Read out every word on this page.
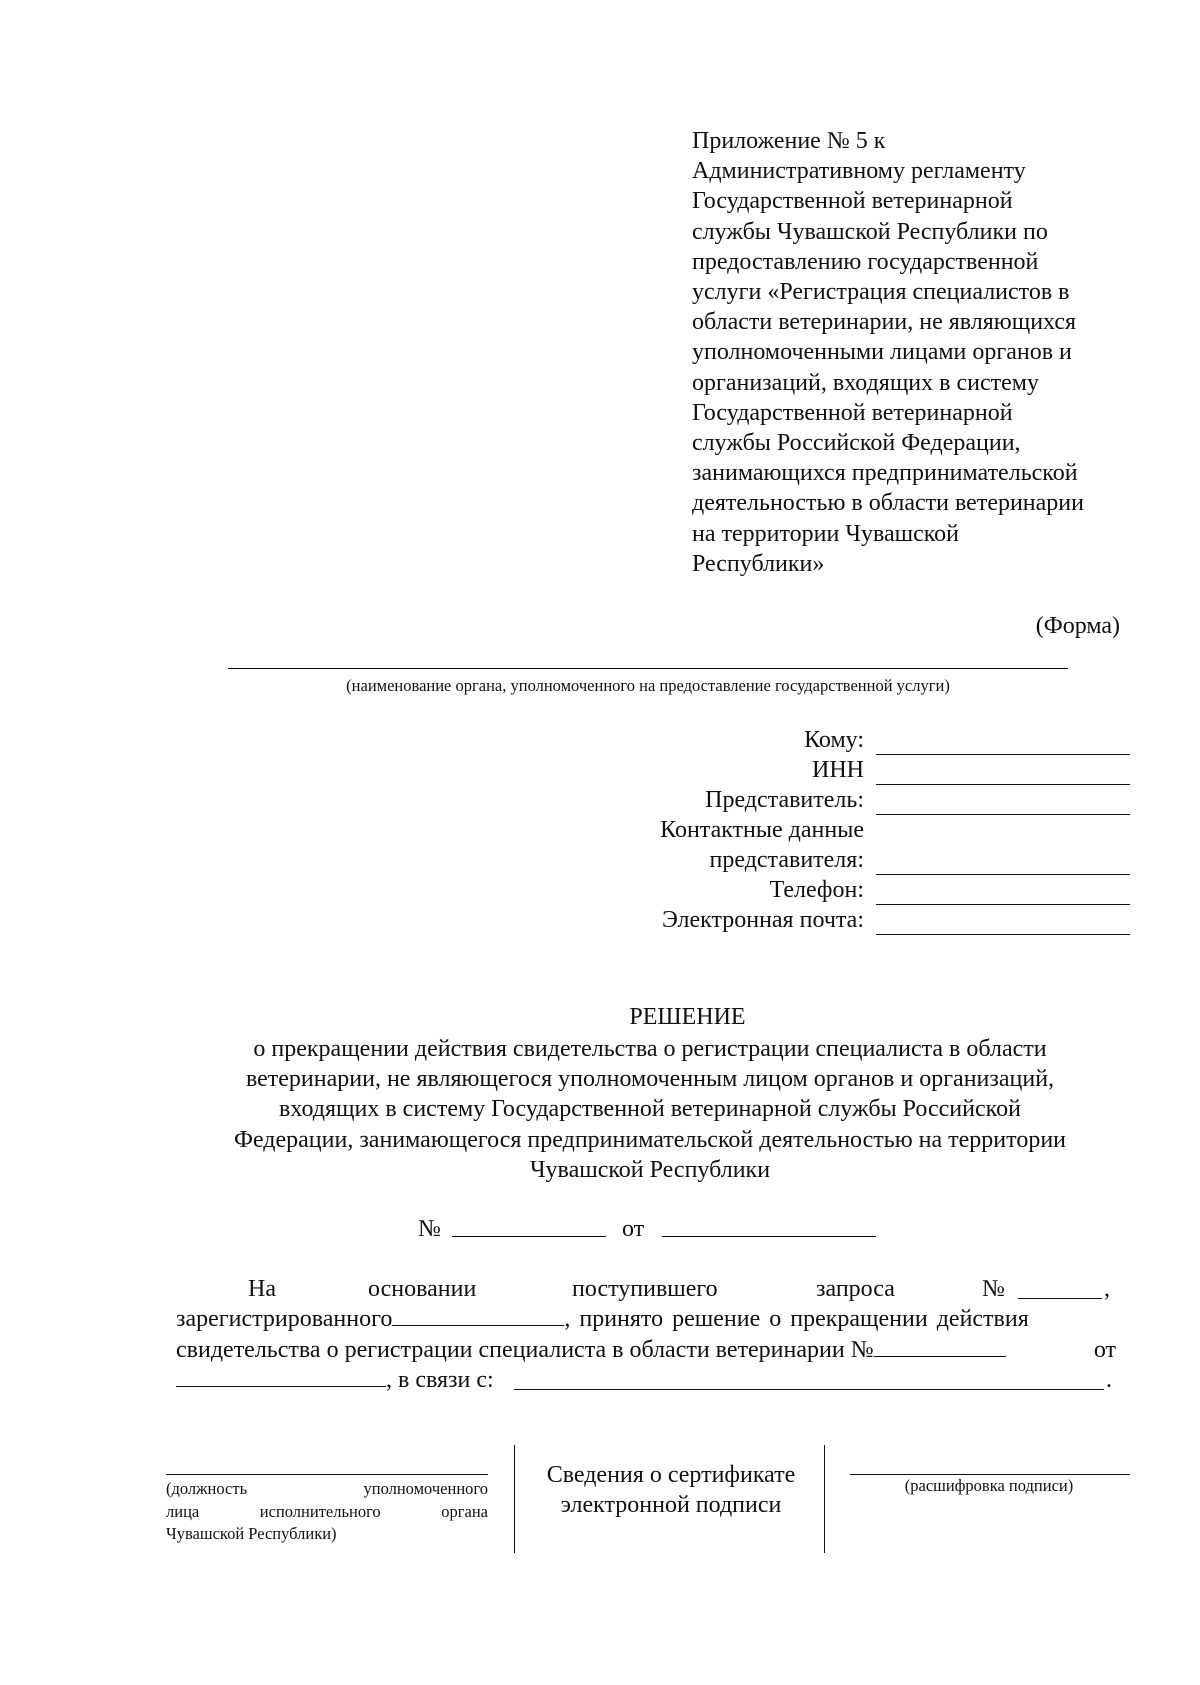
Приложение № 5 к
Административному регламенту
Государственной ветеринарной
службы Чувашской Республики по
предоставлению государственной
услуги «Регистрация специалистов в
области ветеринарии, не являющихся
уполномоченными лицами органов и
организаций, входящих в систему
Государственной ветеринарной
службы Российской Федерации,
занимающихся предпринимательской
деятельностью в области ветеринарии
на территории Чувашской
Республики»
(Форма)
(наименование органа, уполномоченного на предоставление государственной услуги)
Кому:
ИНН
Представитель:
Контактные данные
представителя:
Телефон:
Электронная почта:
РЕШЕНИЕ
о прекращении действия свидетельства о регистрации специалиста в области
ветеринарии, не являющегося уполномоченным лицом органов и организаций,
входящих в систему Государственной ветеринарной службы Российской
Федерации, занимающегося предпринимательской деятельностью на территории
Чувашской Республики
№	от
На	основании	поступившего	запроса	№	,
зарегистрированного	, принято решение о прекращении действия
свидетельства о регистрации специалиста в области ветеринарии №	от
, в связи с:	.
(должность	уполномоченного
лица исполнительного органа
Чувашской Республики)
Сведения о сертификате
электронной подписи
(расшифровка подписи)
